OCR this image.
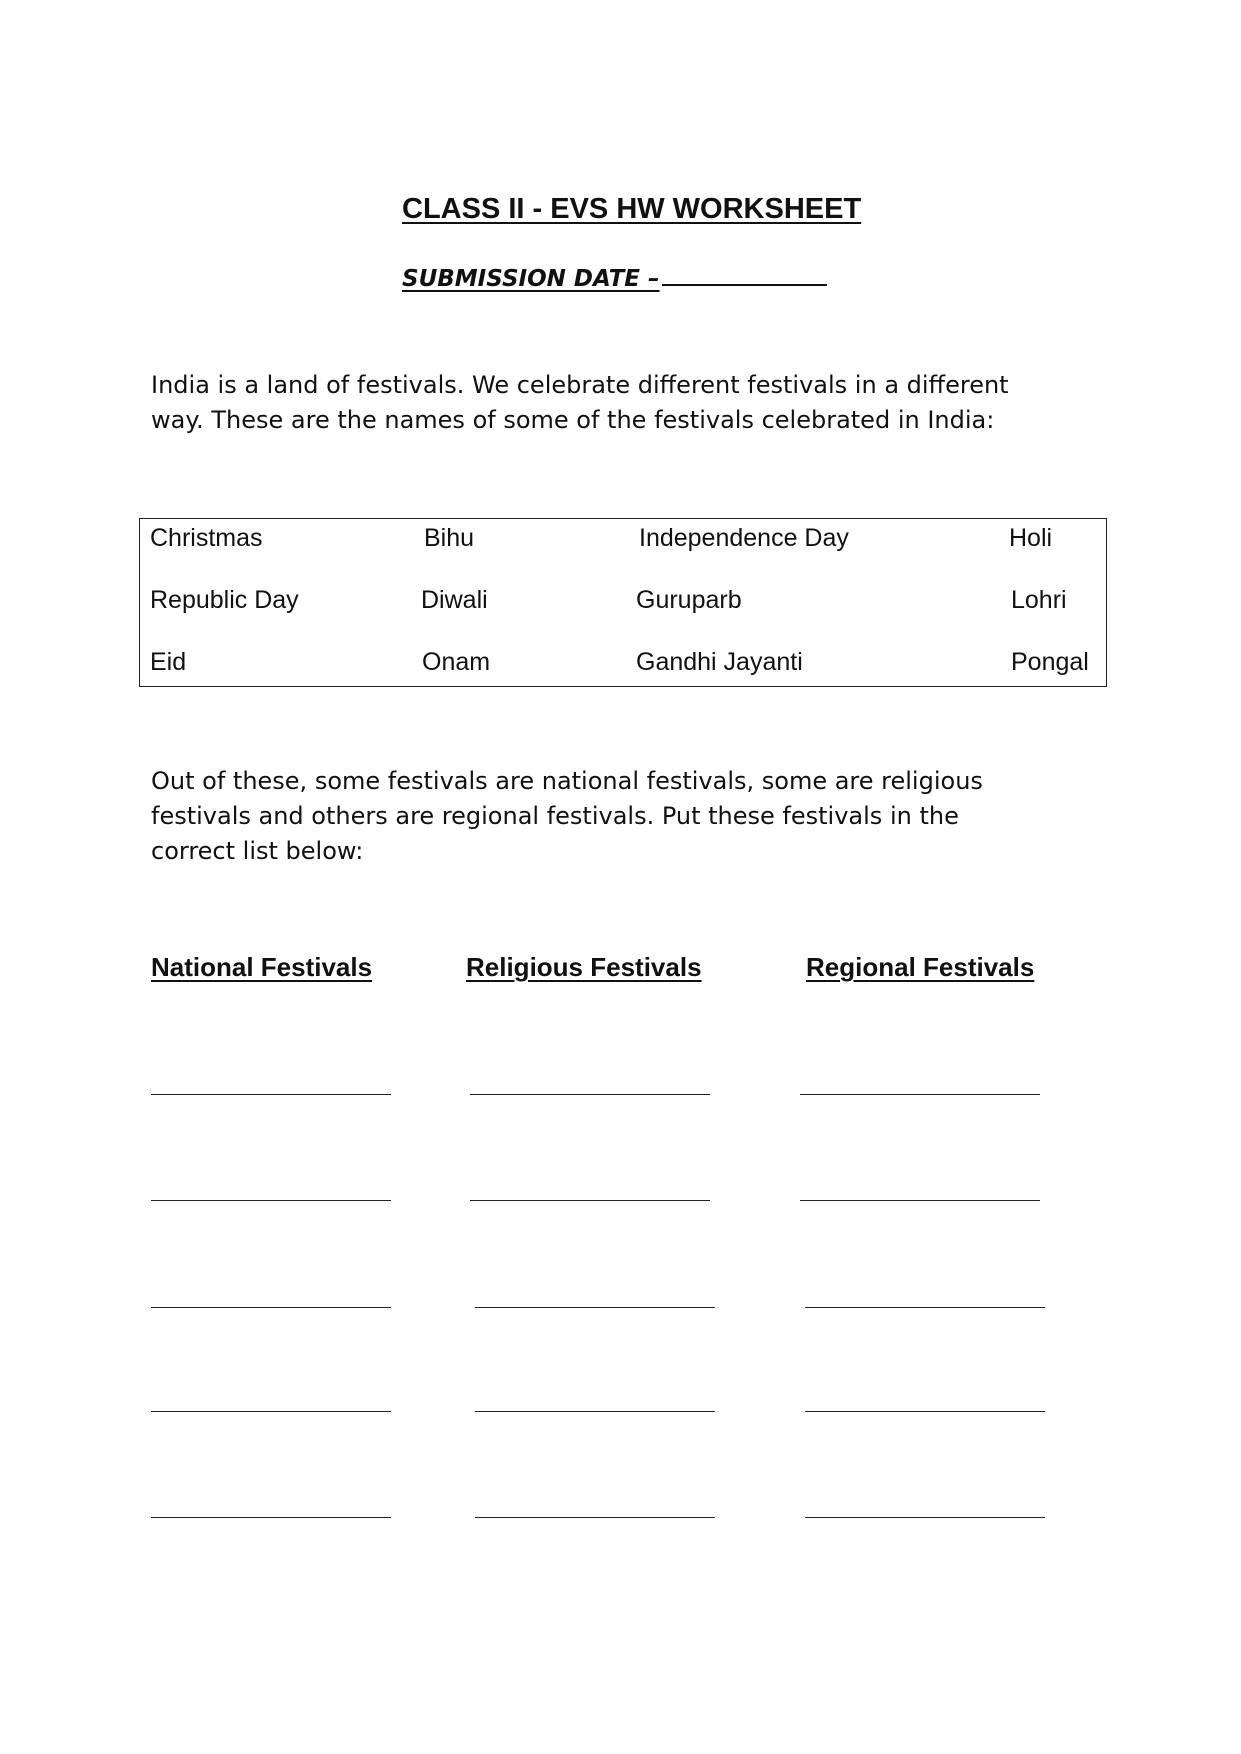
CLASS II - EVS HW WORKSHEET
SUBMISSION DATE –

India is a land of festivals. We celebrate different festivals in a different
way. These are the names of some of the festivals celebrated in India:

Christmas	Bihu	Independence Day	Holi
Republic Day	Diwali	Guruparb	Lohri
Eid	Onam	Gandhi Jayanti	Pongal

Out of these, some festivals are national festivals, some are religious
festivals and others are regional festivals. Put these festivals in the
correct list below:

National Festivals	Religious Festivals	Regional Festivals
